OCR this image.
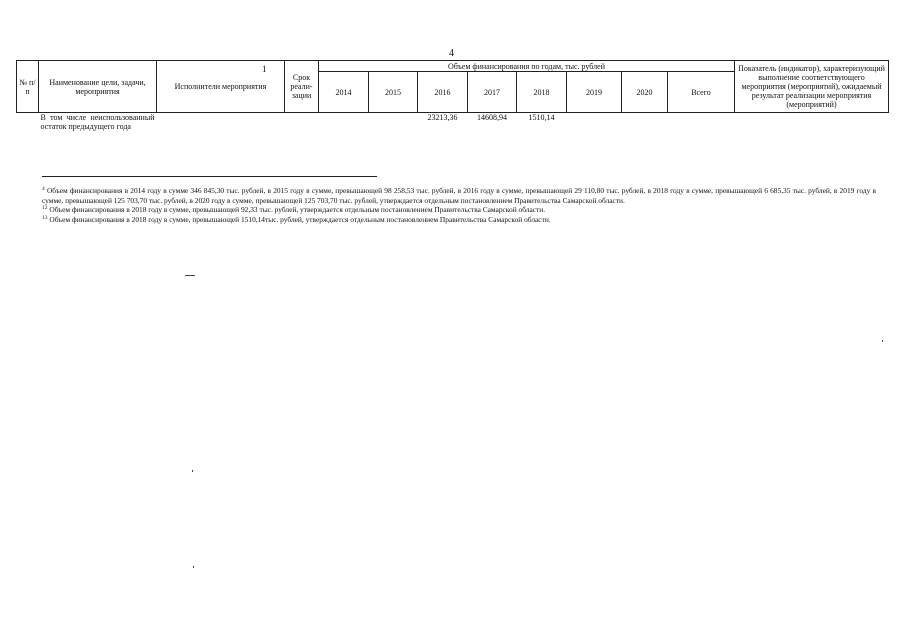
4
1
№ п/п	Наименование цели, задачи, мероприятия	Исполнители мероприятия	Срок реали-зации	Объем финансирования по годам, тыс. рублей								Показатель (индикатор), характеризующий выполнение соответствующего мероприятия (мероприятий), ожидаемый результат реализации мероприятия (мероприятий)
				2014	2015	2016	2017	2018	2019	2020	Всего	
	В том числе неиспользованный остаток предыдущего года					23213,36	14608,94	1510,14				

$^4$ Объем финансирования в 2014 году в сумме 346 845,30 тыс. рублей, в 2015 году в сумме, превышающей 98 258,53 тыс. рублей, в 2016 году в сумме, превышающей 29 110,80 тыс. рублей, в 2018 году в сумме, превышающей 6 685,35 тыс. рублей, в 2019 году в сумме, превышающей 125 703,70 тыс. рублей, в 2020 году в сумме, превышающей 125 703,70 тыс. рублей, утверждается отдельным постановлением Правительства Самарской области.

$^{12}$ Объем финансирования в 2018 году в сумме, превышающей 92,33 тыс. рублей, утверждается отдельным постановлением Правительства Самарской области.

$^{13}$ Объем финансирования в 2018 году в сумме, превышающей 1510,14тыс. рублей, утверждается отдельным постановлением Правительства Самарской области.
